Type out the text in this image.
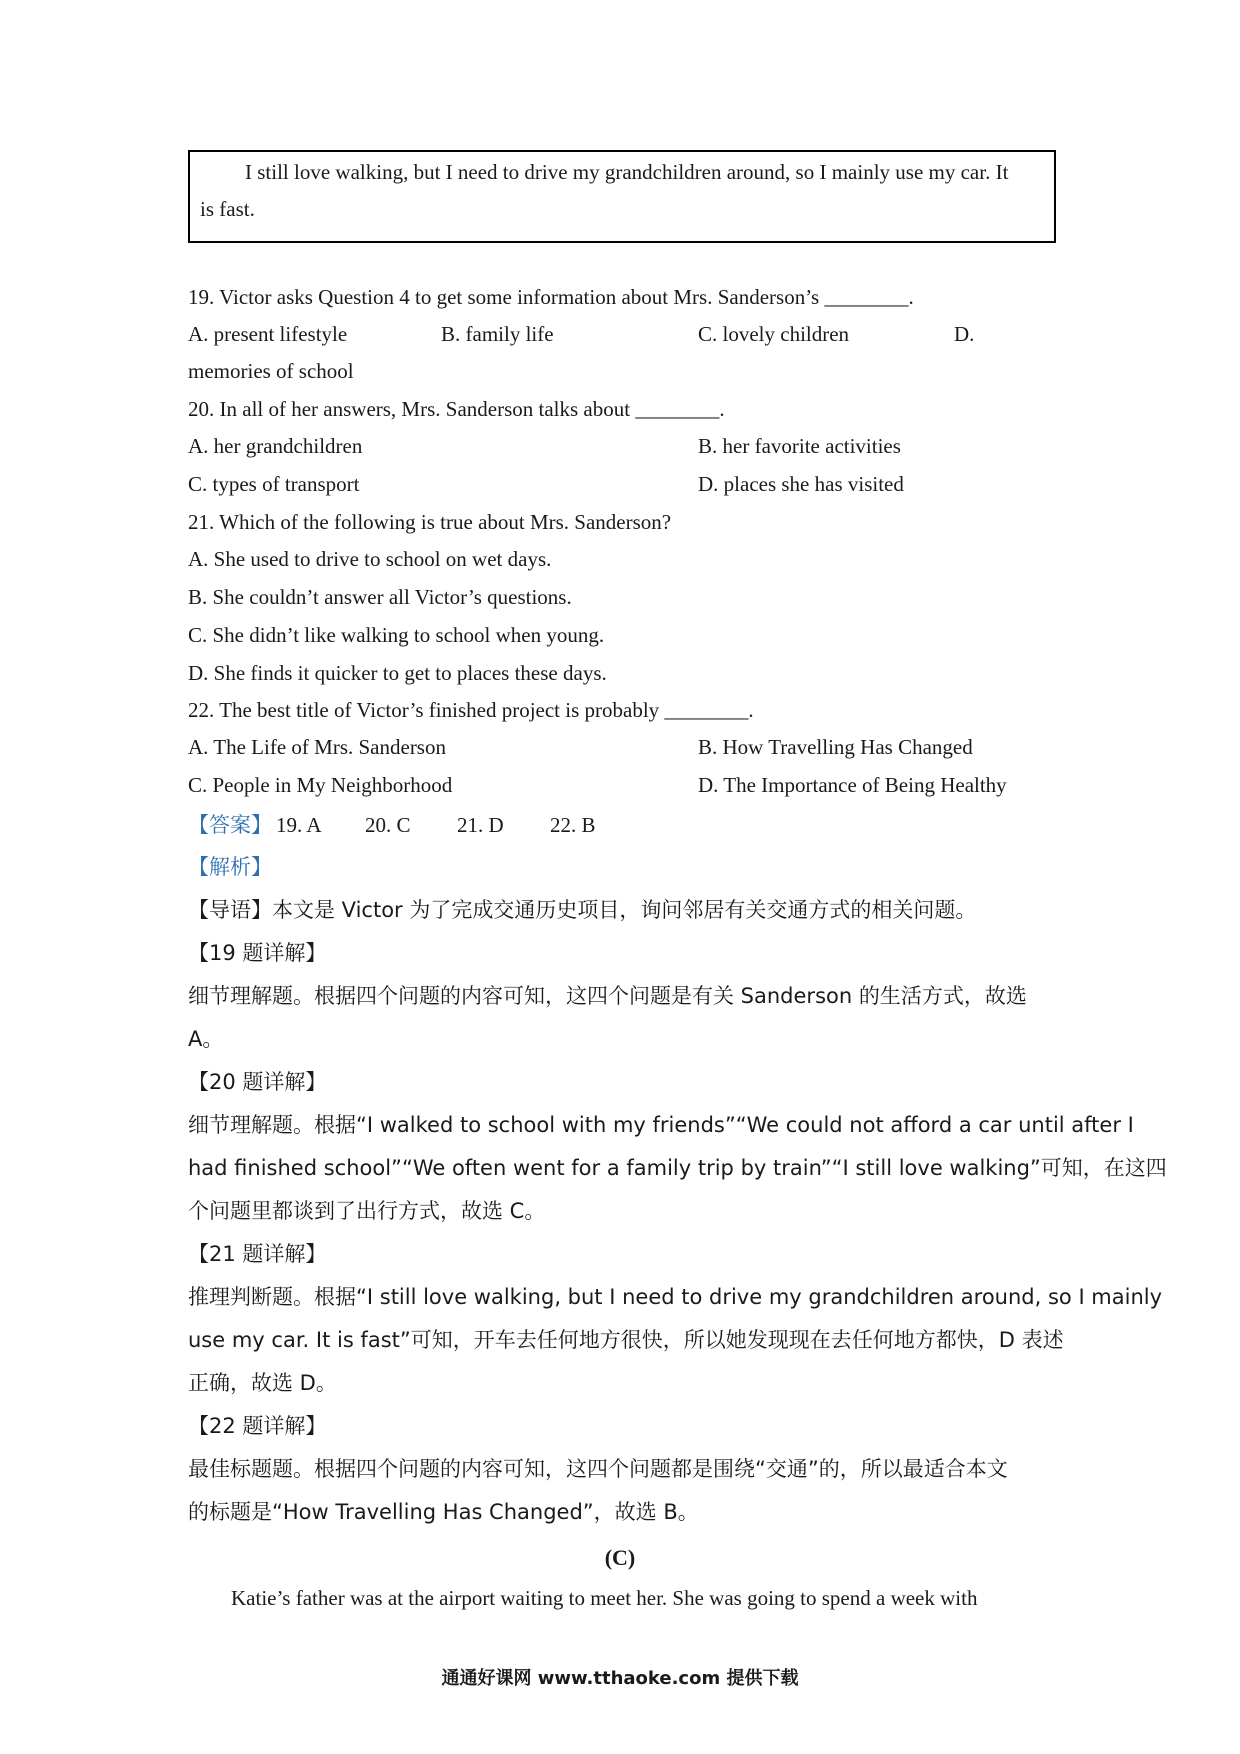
I still love walking, but I need to drive my grandchildren around, so I mainly use my car. It
is fast.
19. Victor asks Question 4 to get some information about Mrs. Sanderson’s ________.
A. present lifestyle	B. family life	C. lovely children	D.
memories of school
20. In all of her answers, Mrs. Sanderson talks about ________.
A. her grandchildren	B. her favorite activities
C. types of transport	D. places she has visited
21. Which of the following is true about Mrs. Sanderson?
A. She used to drive to school on wet days.
B. She couldn’t answer all Victor’s questions.
C. She didn’t like walking to school when young.
D. She finds it quicker to get to places these days.
22. The best title of Victor’s finished project is probably ________.
A. The Life of Mrs. Sanderson	B. How Travelling Has Changed
C. People in My Neighborhood	D. The Importance of Being Healthy
【答案】 19. A 20. C 21. D 22. B
【解析】
【导语】本文是 Victor 为了完成交通历史项目，询问邻居有关交通方式的相关问题。
【19 题详解】
细节理解题。根据四个问题的内容可知，这四个问题是有关 Sanderson 的生活方式，故选
A。
【20 题详解】
细节理解题。根据“I walked to school with my friends”“We could not afford a car until after I
had finished school”“We often went for a family trip by train”“I still love walking”可知，在这四
个问题里都谈到了出行方式，故选 C。
【21 题详解】
推理判断题。根据“I still love walking, but I need to drive my grandchildren around, so I mainly
use my car. It is fast”可知，开车去任何地方很快，所以她发现现在去任何地方都快，D 表述
正确，故选 D。
【22 题详解】
最佳标题题。根据四个问题的内容可知，这四个问题都是围绕“交通”的，所以最适合本文
的标题是“How Travelling Has Changed”，故选 B。
(C)
Katie’s father was at the airport waiting to meet her. She was going to spend a week with
通通好课网 www.tthaoke.com 提供下载
